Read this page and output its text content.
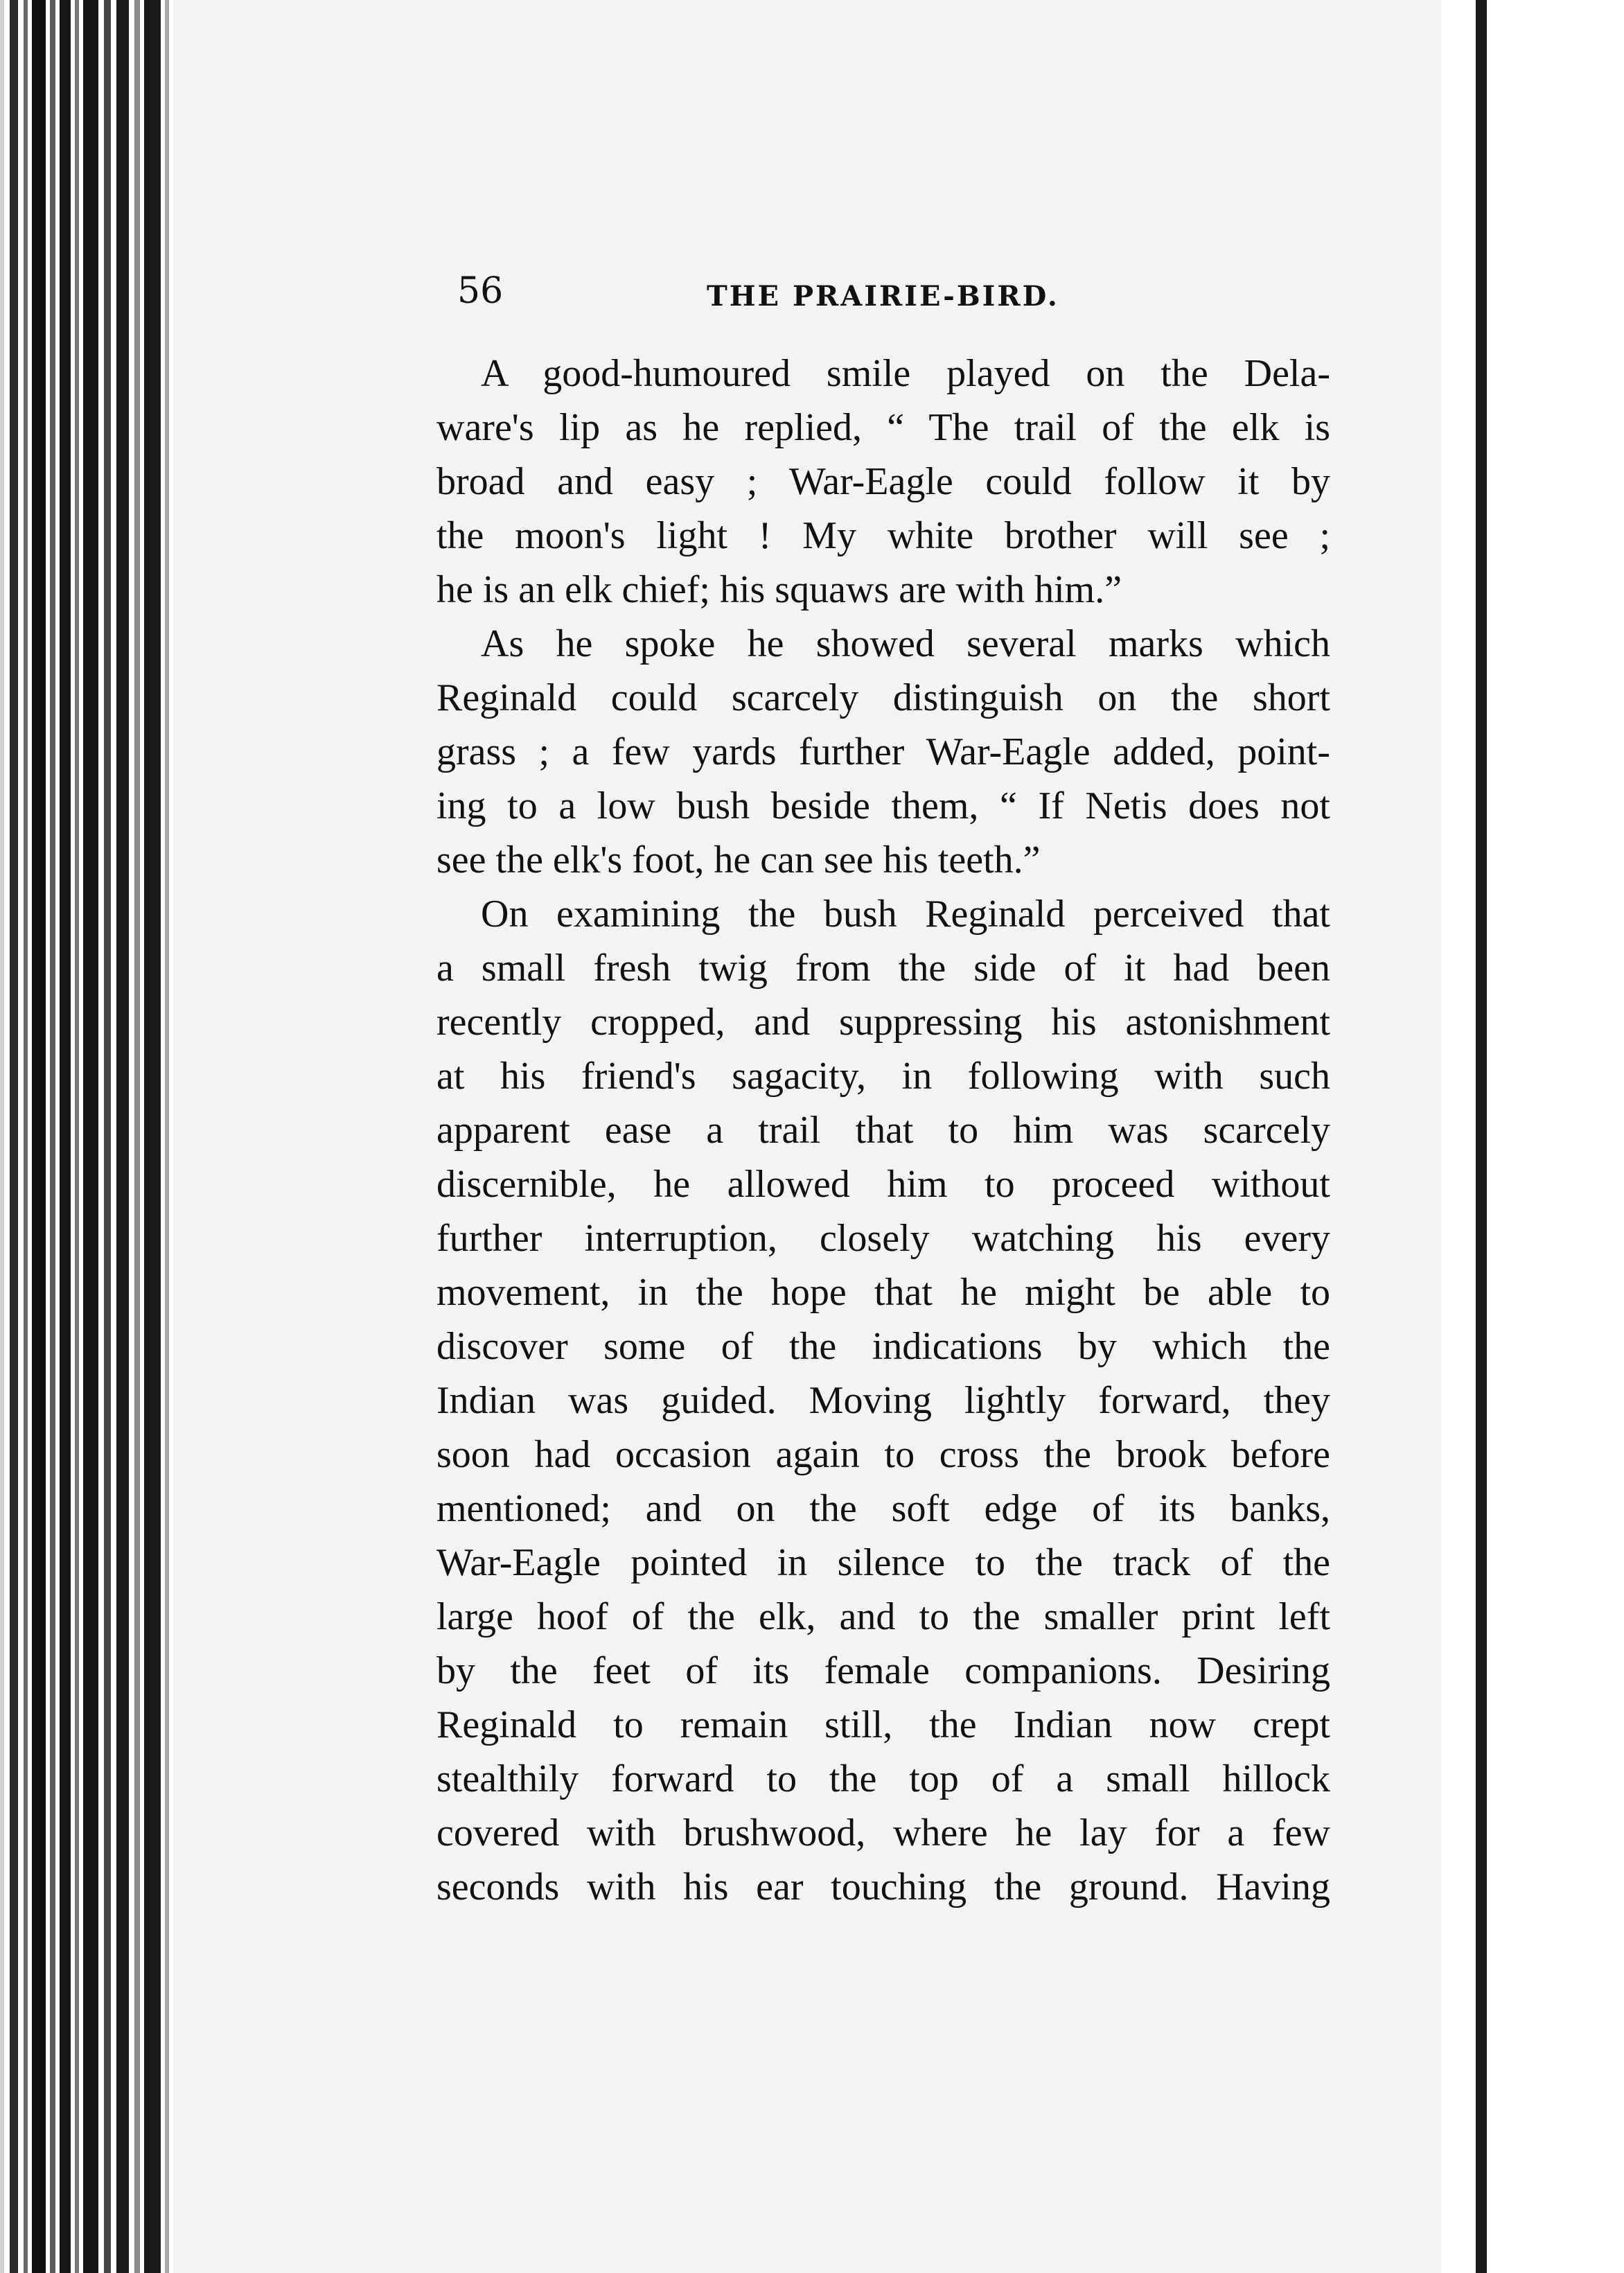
56	THE PRAIRIE-BIRD.
A good-humoured smile played on the Dela-
ware's lip as he replied, “ The trail of the elk is
broad and easy ; War-Eagle could follow it by
the moon's light ! My white brother will see ;
he is an elk chief; his squaws are with him.”
As he spoke he showed several marks which
Reginald could scarcely distinguish on the short
grass ; a few yards further War-Eagle added, point-
ing to a low bush beside them, “ If Netis does not
see the elk's foot, he can see his teeth.”
On examining the bush Reginald perceived that
a small fresh twig from the side of it had been
recently cropped, and suppressing his astonishment
at his friend's sagacity, in following with such
apparent ease a trail that to him was scarcely
discernible, he allowed him to proceed without
further interruption, closely watching his every
movement, in the hope that he might be able to
discover some of the indications by which the
Indian was guided. Moving lightly forward, they
soon had occasion again to cross the brook before
mentioned; and on the soft edge of its banks,
War-Eagle pointed in silence to the track of the
large hoof of the elk, and to the smaller print left
by the feet of its female companions. Desiring
Reginald to remain still, the Indian now crept
stealthily forward to the top of a small hillock
covered with brushwood, where he lay for a few
seconds with his ear touching the ground. Having
